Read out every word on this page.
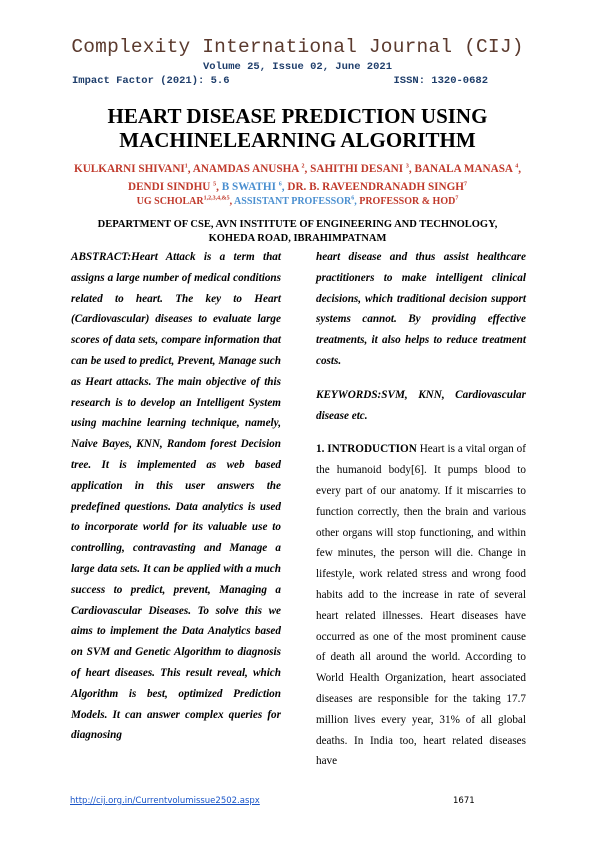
Complexity International Journal (CIJ)
Volume 25, Issue 02, June 2021
Impact Factor (2021): 5.6	ISSN: 1320-0682
HEART DISEASE PREDICTION USING MACHINELEARNING ALGORITHM
KULKARNI SHIVANI$^1$, ANAMDAS ANUSHA $^2$, SAHITHI DESANI $^3$, BANALA MANASA $^4$,
DENDI SINDHU $^5$, B SWATHI $^6$, DR. B. RAVEENDRANADH SINGH$^7$
UG $SCHOLAR^{1,2,3,4,\&5}$, ASSISTANT PROFESSOR$^6$, PROFESSOR & HOD$^7$
DEPARTMENT OF CSE, AVN INSTITUTE OF ENGINEERING AND TECHNOLOGY, KOHEDA ROAD, IBRAHIMPATNAM

ABSTRACT:Heart Attack is a term that assigns a large number of medical conditions related to heart. The key to Heart (Cardiovascular) diseases to evaluate large scores of data sets, compare information that can be used to predict, Prevent, Manage such as Heart attacks. The main objective of this research is to develop an Intelligent System using machine learning technique, namely, Naive Bayes, KNN, Random forest Decision tree. It is implemented as web based application in this user answers the predefined questions. Data analytics is used to incorporate world for its valuable use to controlling, contravasting and Manage a large data sets. It can be applied with a much success to predict, prevent, Managing a Cardiovascular Diseases. To solve this we aims to implement the Data Analytics based on SVM and Genetic Algorithm to diagnosis of heart diseases. This result reveal, which Algorithm is best, optimized Prediction Models. It can answer complex queries for diagnosing

heart disease and thus assist healthcare practitioners to make intelligent clinical decisions, which traditional decision support systems cannot. By providing effective treatments, it also helps to reduce treatment costs.

KEYWORDS:SVM, KNN, Cardiovascular disease etc.

1. INTRODUCTION Heart is a vital organ of the humanoid body[6]. It pumps blood to every part of our anatomy. If it miscarries to function correctly, then the brain and various other organs will stop functioning, and within few minutes, the person will die. Change in lifestyle, work related stress and wrong food habits add to the increase in rate of several heart related illnesses. Heart diseases have occurred as one of the most prominent cause of death all around the world. According to World Health Organization, heart associated diseases are responsible for the taking 17.7 million lives every year, 31% of all global deaths. In India too, heart related diseases have

http://cij.org.in/Currentvolumissue2502.aspx	1671
